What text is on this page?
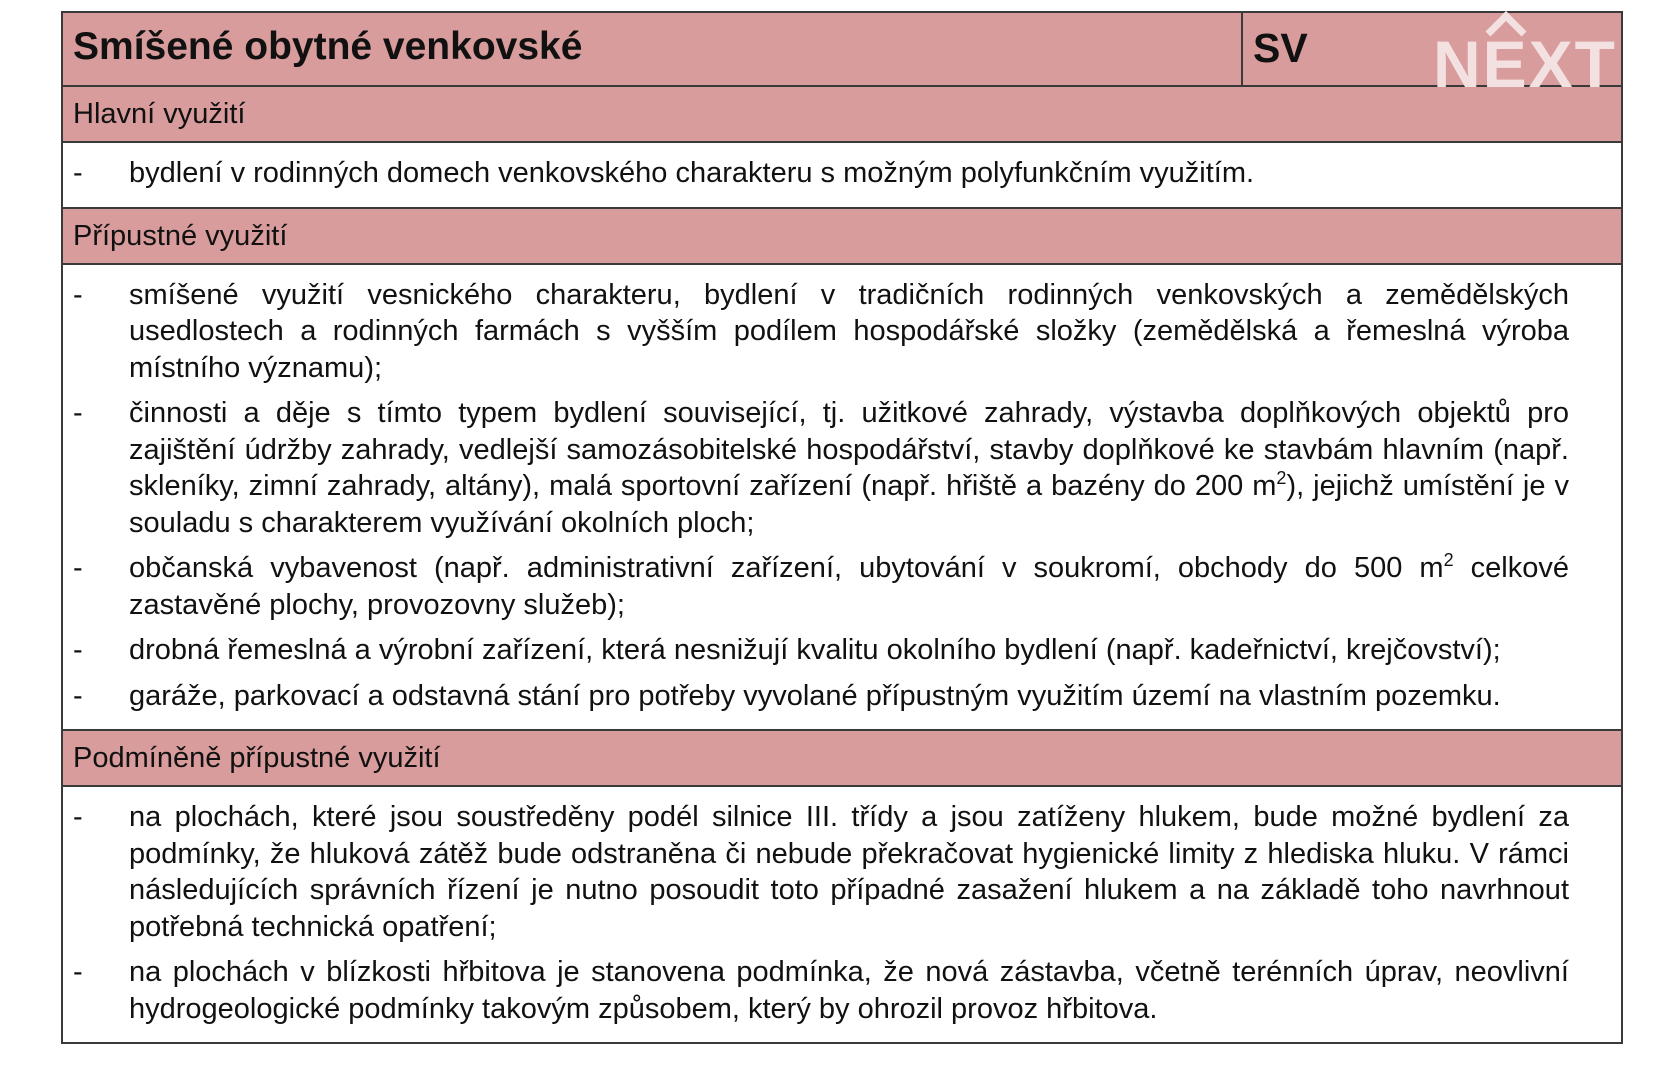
Smíšené obytné venkovské	SV NEXT
Hlavní využití
-	bydlení v rodinných domech venkovského charakteru s možným polyfunkčním využitím.
Přípustné využití
-	smíšené využití vesnického charakteru, bydlení v tradičních rodinných venkovských a zemědělských usedlostech a rodinných farmách s vyšším podílem hospodářské složky (zemědělská a řemeslná výroba místního významu);
-	činnosti a děje s tímto typem bydlení související, tj. užitkové zahrady, výstavba doplňkových objektů pro zajištění údržby zahrady, vedlejší samozásobitelské hospodářství, stavby doplňkové ke stavbám hlavním (např. skleníky, zimní zahrady, altány), malá sportovní zařízení (např. hřiště a bazény do 200 $m^2$), jejichž umístění je v souladu s charakterem využívání okolních ploch;
-	občanská vybavenost (např. administrativní zařízení, ubytování v soukromí, obchody do 500 $m^2$ celkové zastavěné plochy, provozovny služeb);
-	drobná řemeslná a výrobní zařízení, která nesnižují kvalitu okolního bydlení (např. kadeřnictví, krejčovství);
-	garáže, parkovací a odstavná stání pro potřeby vyvolané přípustným využitím území na vlastním pozemku.
Podmíněně přípustné využití
-	na plochách, které jsou soustředěny podél silnice III. třídy a jsou zatíženy hlukem, bude možné bydlení za podmínky, že hluková zátěž bude odstraněna či nebude překračovat hygienické limity z hlediska hluku. V rámci následujících správních řízení je nutno posoudit toto případné zasažení hlukem a na základě toho navrhnout potřebná technická opatření;
-	na plochách v blízkosti hřbitova je stanovena podmínka, že nová zástavba, včetně terénních úprav, neovlivní hydrogeologické podmínky takovým způsobem, který by ohrozil provoz hřbitova.
